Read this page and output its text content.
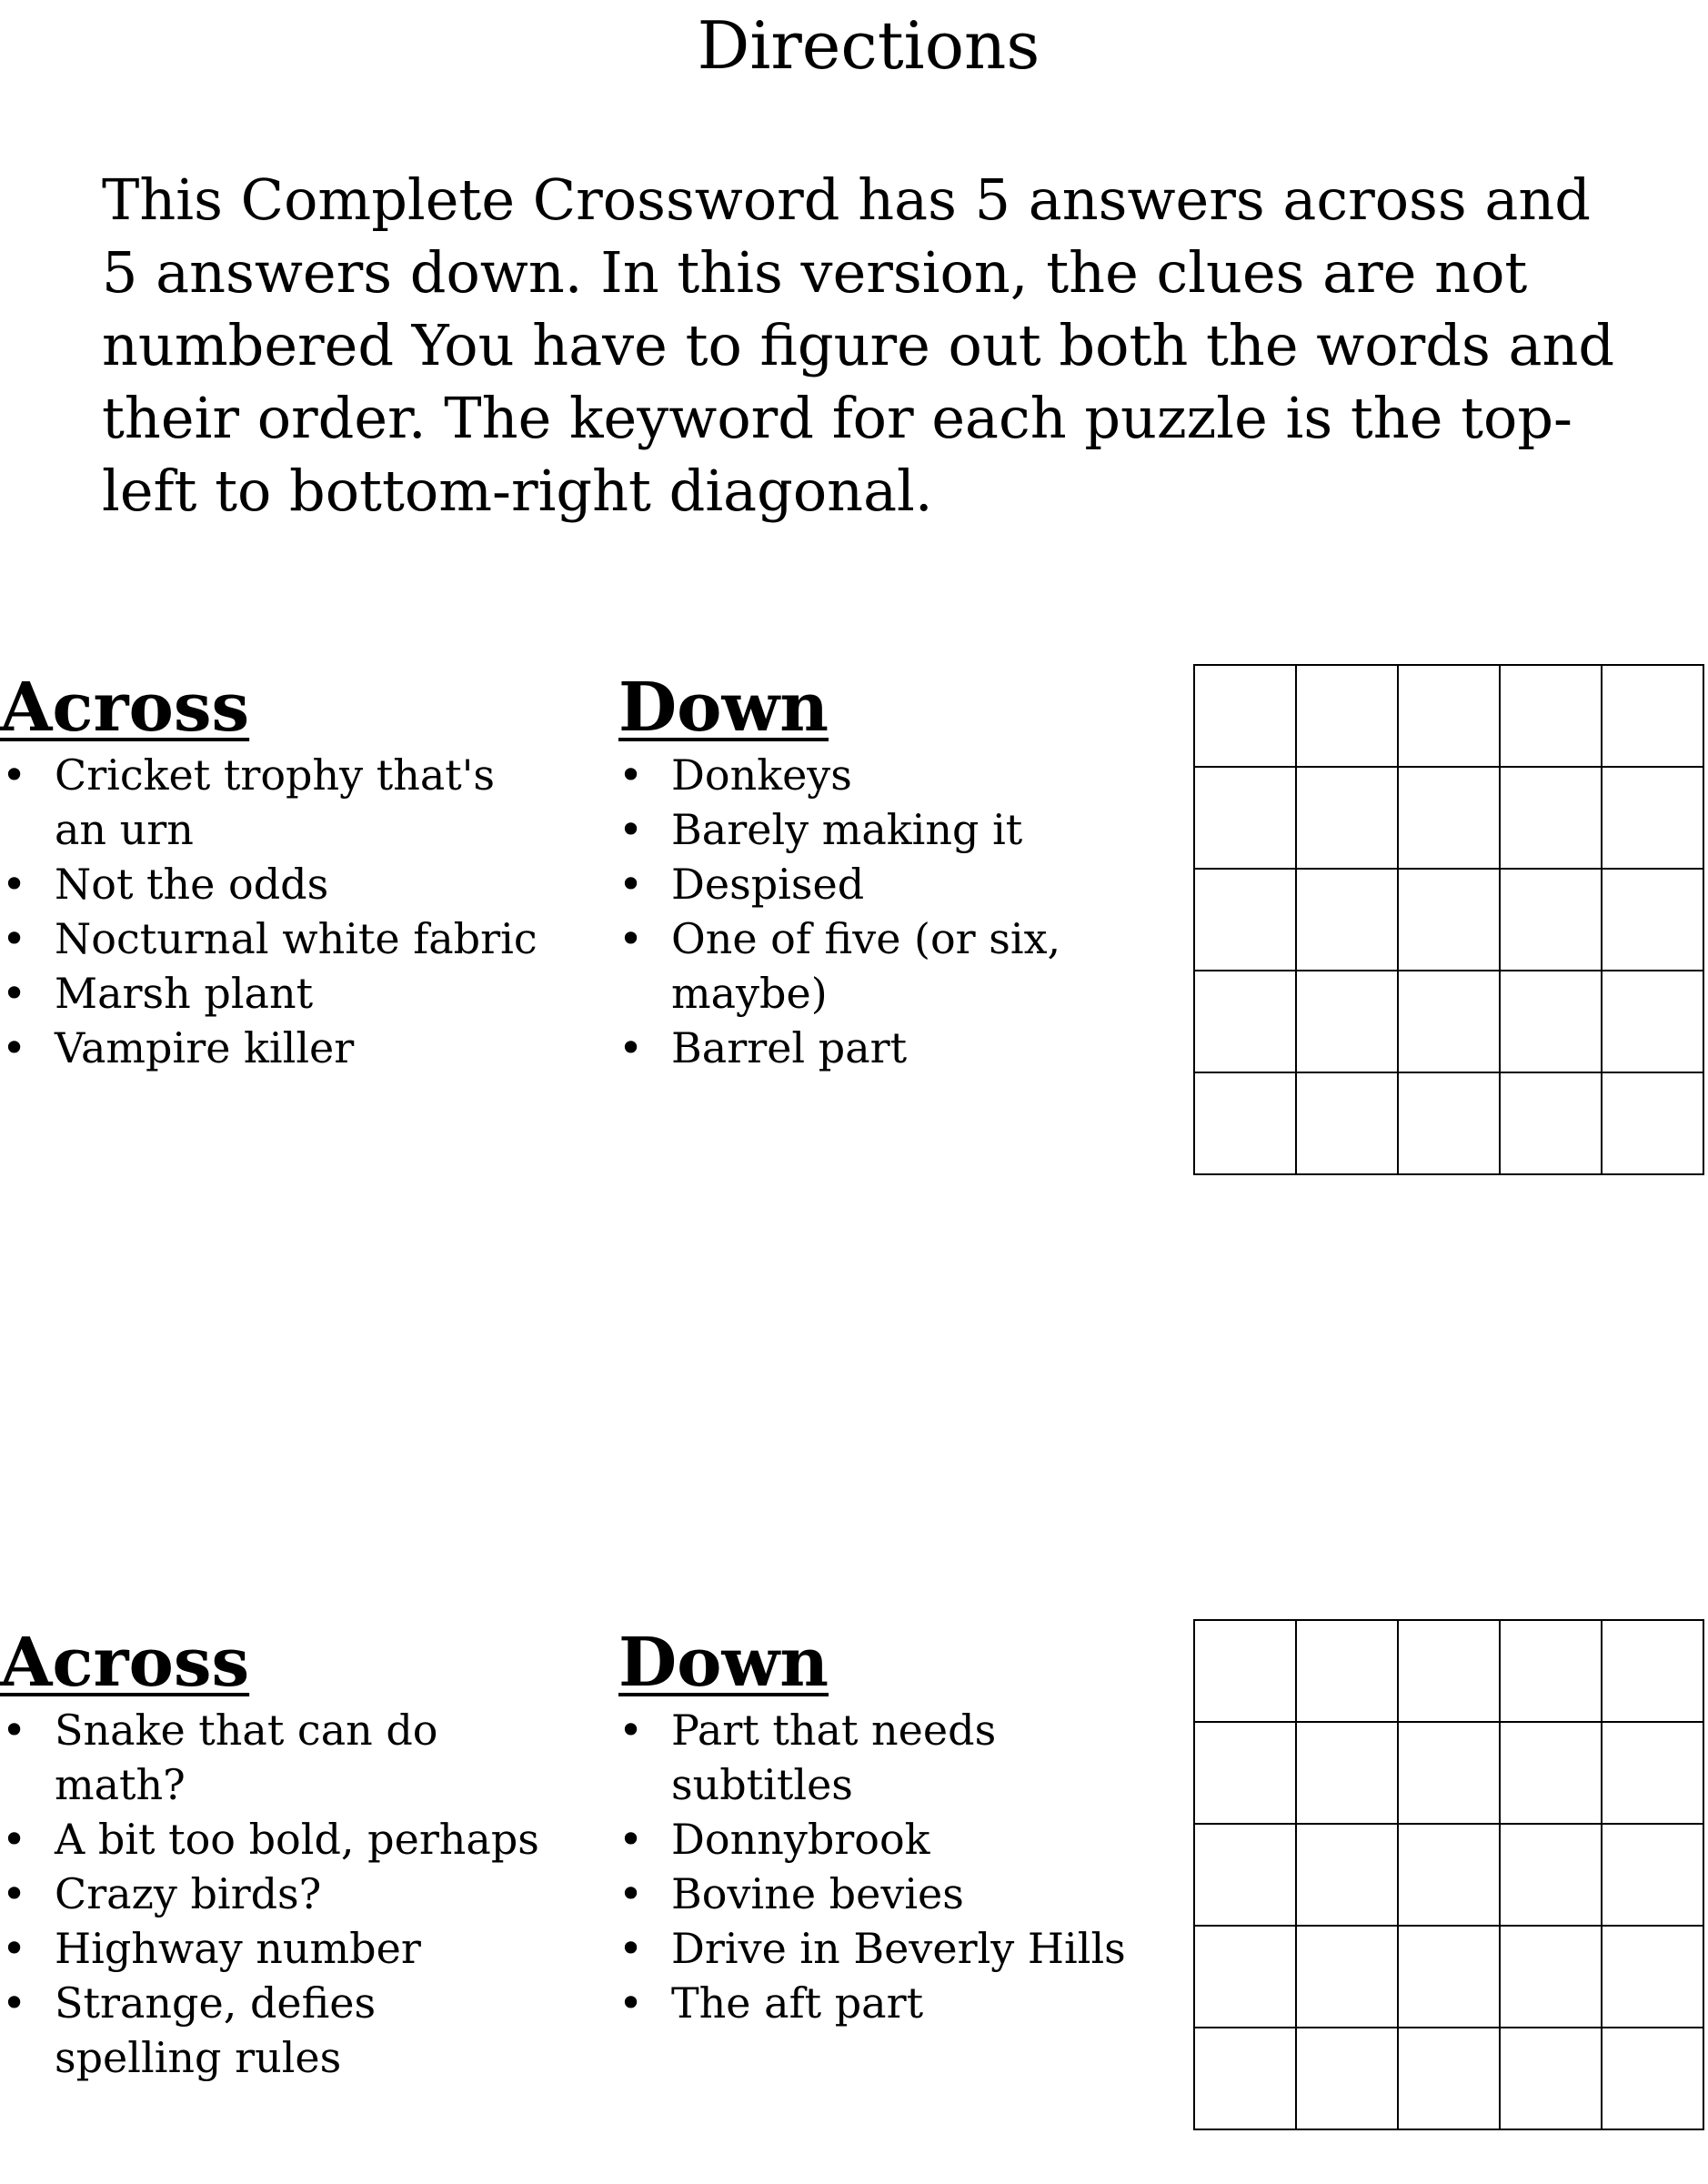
Directions

This Complete Crossword has 5 answers across and 5 answers down. In this version, the clues are not numbered You have to figure out both the words and their order. The keyword for each puzzle is the top-left to bottom-right diagonal.

Across
• Cricket trophy that's an urn
• Not the odds
• Nocturnal white fabric
• Marsh plant
• Vampire killer
Down
• Donkeys
• Barely making it
• Despised
• One of five (or six, maybe)
• Barrel part
Across
• Snake that can do math?
• A bit too bold, perhaps
• Crazy birds?
• Highway number
• Strange, defies spelling rules
Down
• Part that needs subtitles
• Donnybrook
• Bovine bevies
• Drive in Beverly Hills
• The aft part
